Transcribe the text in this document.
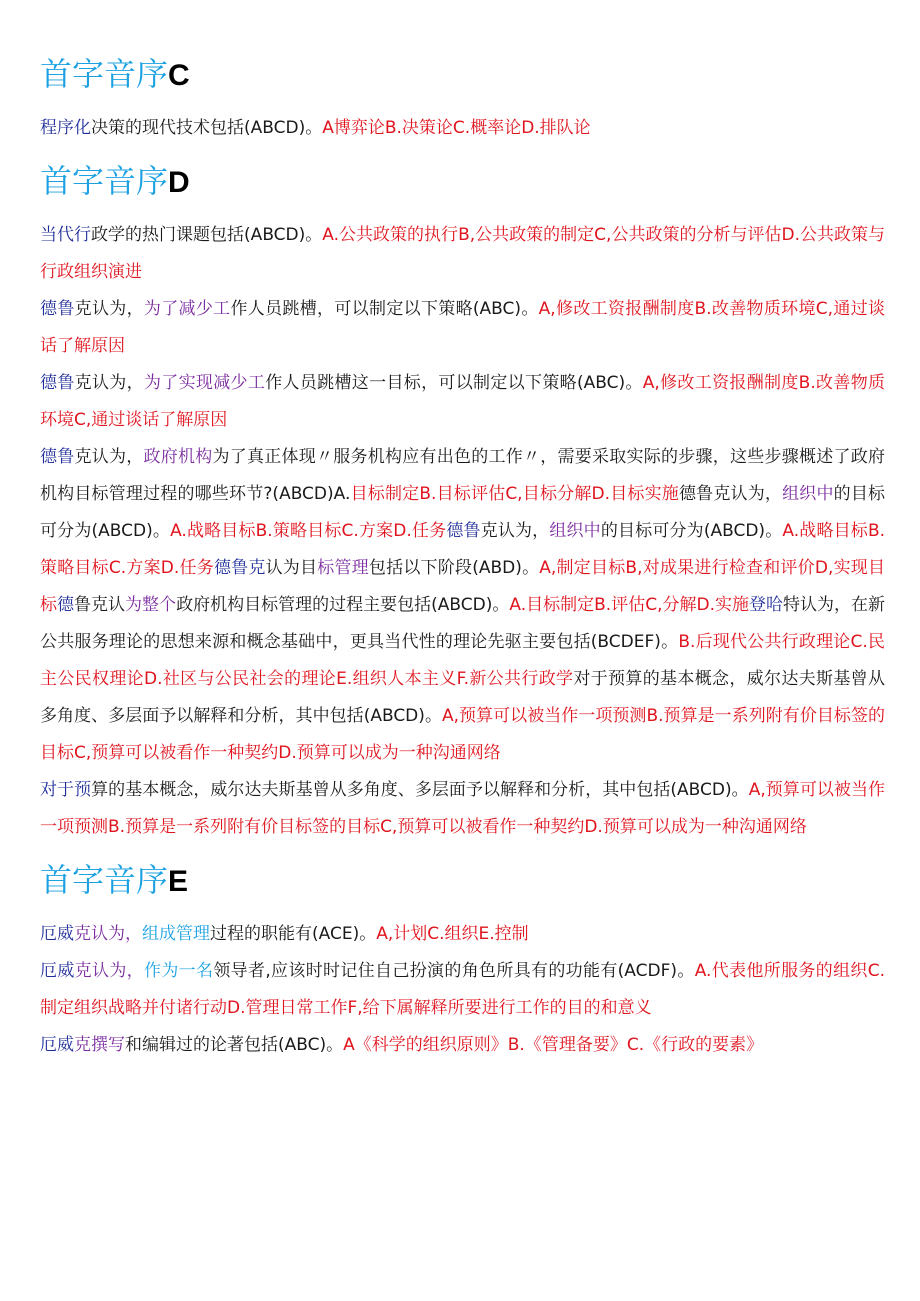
首字音序C

程序化决策的现代技术包括(ABCD)。A博弈论B.决策论C.概率论D.排队论

首字音序D

当代行政学的热门课题包括(ABCD)。A.公共政策的执行B,公共政策的制定C,公共政策的分析与评估D.公共政策与行政组织演进

德鲁克认为，为了减少工作人员跳槽，可以制定以下策略(ABC)。A,修改工资报酬制度B.改善物质环境C,通过谈话了解原因

德鲁克认为，为了实现减少工作人员跳槽这一目标，可以制定以下策略(ABC)。A,修改工资报酬制度B.改善物质环境C,通过谈话了解原因

德鲁克认为，政府机构为了真正体现〃服务机构应有出色的工作〃，需要采取实际的步骤，这些步骤概述了政府机构目标管理过程的哪些环节?(ABCD)A.目标制定B.目标评估C,目标分解D.目标实施德鲁克认为，组织中的目标可分为(ABCD)。A.战略目标B.策略目标C.方案D.任务德鲁克认为，组织中的目标可分为(ABCD)。A.战略目标B.策略目标C.方案D.任务德鲁克认为目标管理包括以下阶段(ABD)。A,制定目标B,对成果进行检查和评价D,实现目标德鲁克认为整个政府机构目标管理的过程主要包括(ABCD)。A.目标制定B.评估C,分解D.实施登哈特认为，在新公共服务理论的思想来源和概念基础中，更具当代性的理论先驱主要包括(BCDEF)。B.后现代公共行政理论C.民主公民权理论D.社区与公民社会的理论E.组织人本主义F.新公共行政学对于预算的基本概念，威尔达夫斯基曾从多角度、多层面予以解释和分析，其中包括(ABCD)。A,预算可以被当作一项预测B.预算是一系列附有价目标签的目标C,预算可以被看作一种契约D.预算可以成为一种沟通网络

对于预算的基本概念，威尔达夫斯基曾从多角度、多层面予以解释和分析，其中包括(ABCD)。A,预算可以被当作一项预测B.预算是一系列附有价目标签的目标C,预算可以被看作一种契约D.预算可以成为一种沟通网络

首字音序E

厄威克认为，组成管理过程的职能有(ACE)。A,计划C.组织E.控制

厄威克认为，作为一名领导者,应该时时记住自己扮演的角色所具有的功能有(ACDF)。A.代表他所服务的组织C.制定组织战略并付诸行动D.管理日常工作F,给下属解释所要进行工作的目的和意义

厄威克撰写和编辑过的论著包括(ABC)。A《科学的组织原则》B.《管理备要》C.《行政的要素》
